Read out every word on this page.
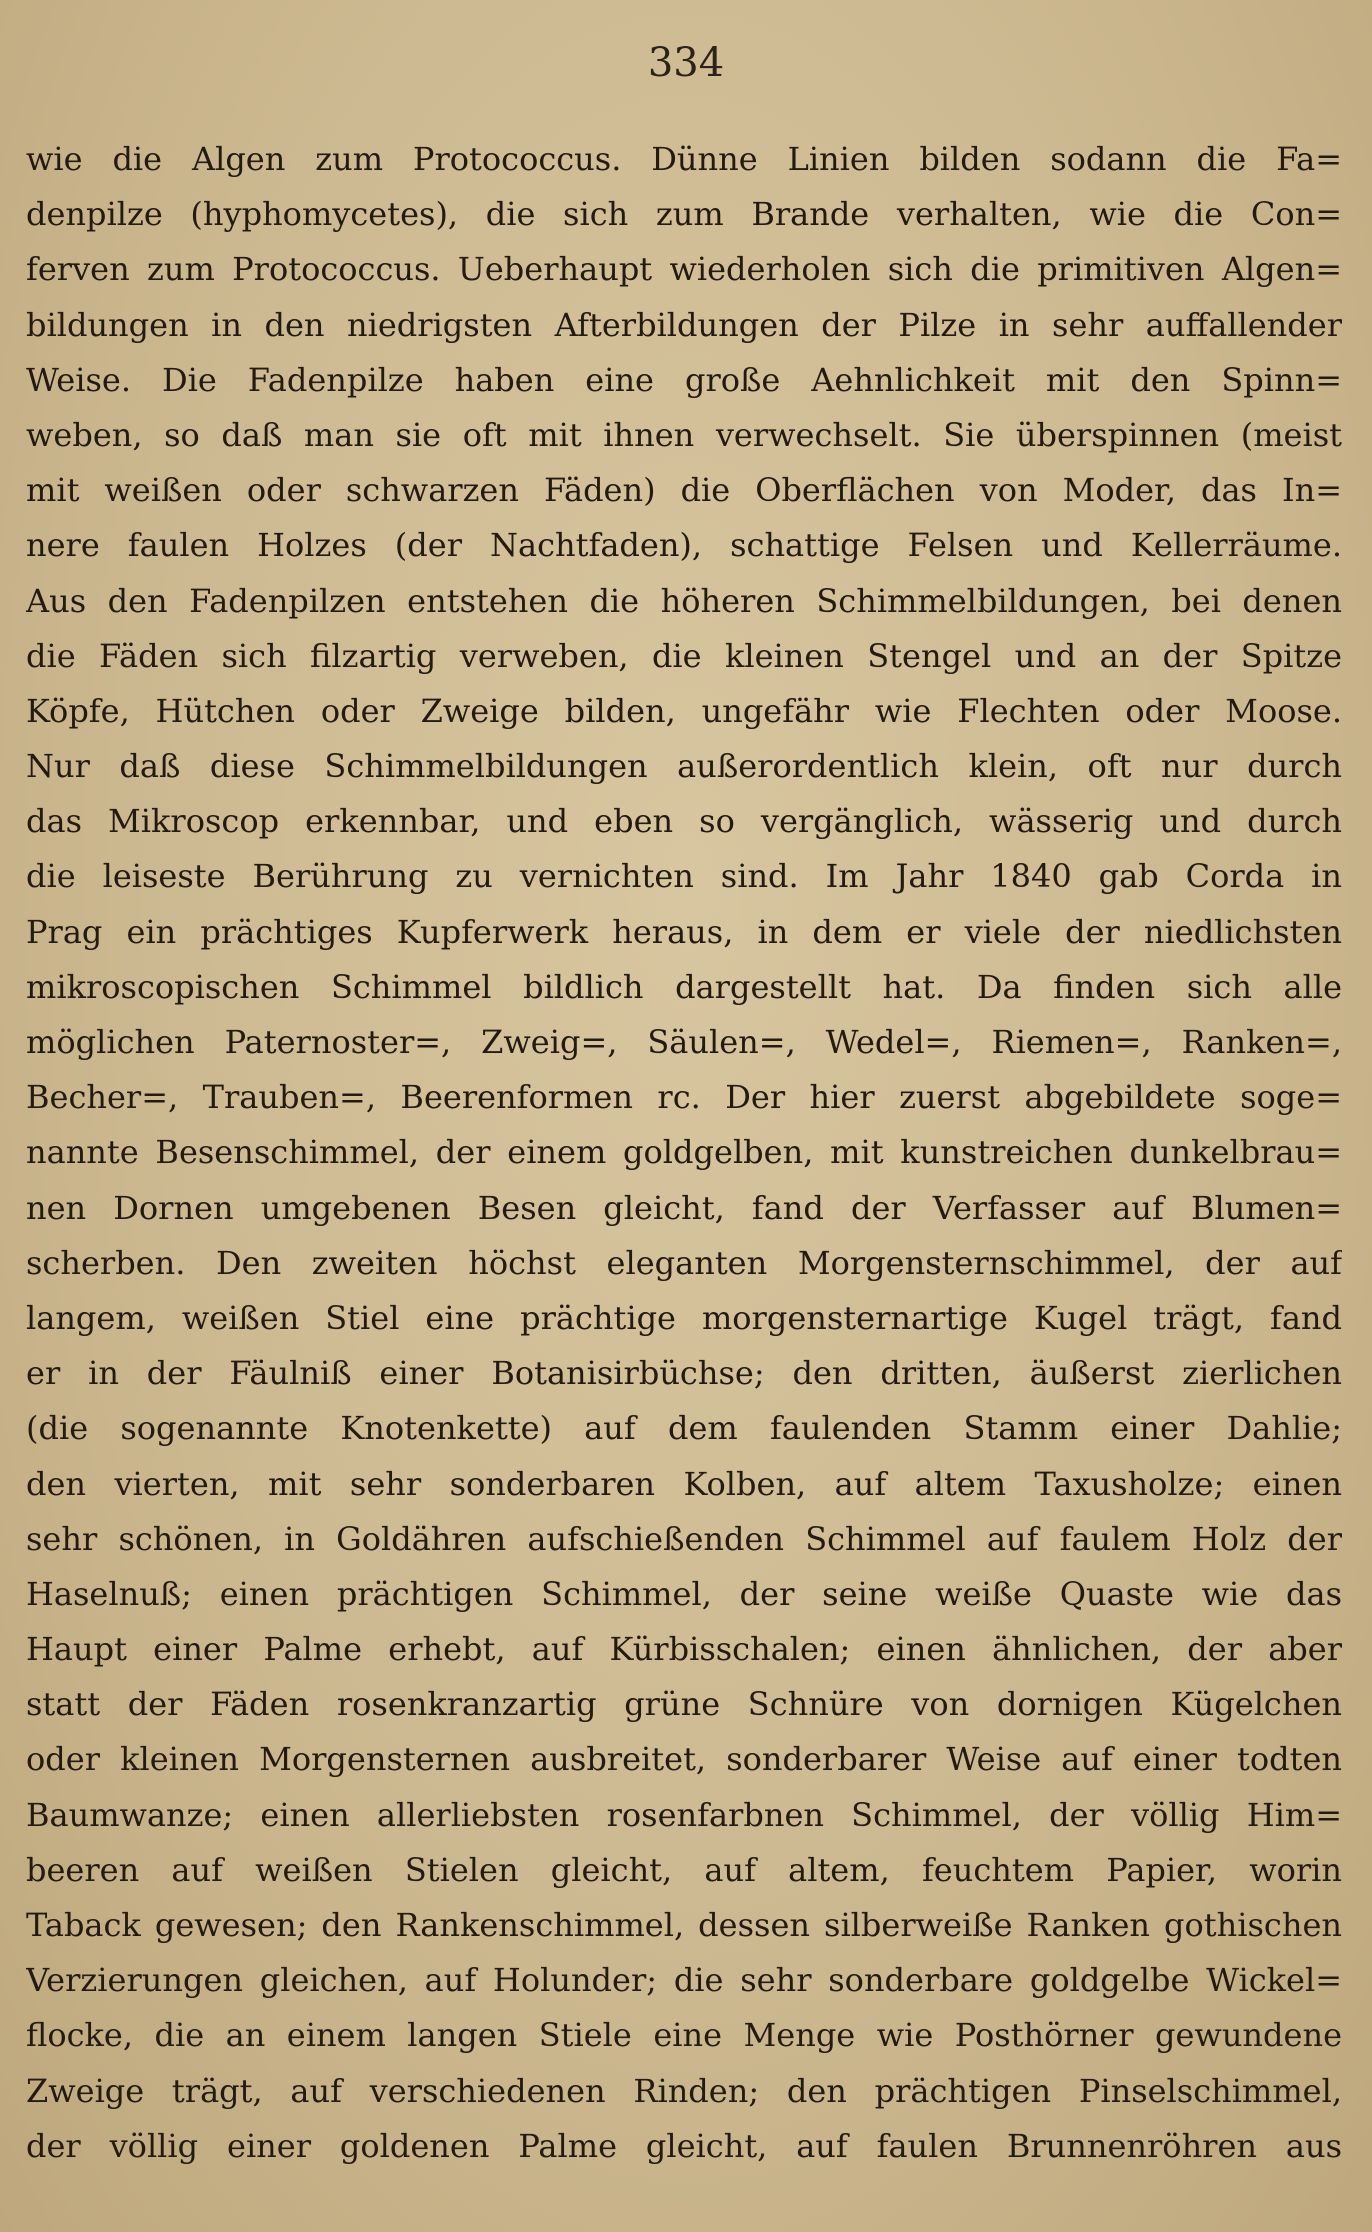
334
wie die Algen zum Protococcus. Dünne Linien bilden sodann die Fa=
denpilze (hyphomycetes), die sich zum Brande verhalten, wie die Con=
ferven zum Protococcus. Ueberhaupt wiederholen sich die primitiven Algen=
bildungen in den niedrigsten Afterbildungen der Pilze in sehr auffallender
Weise. Die Fadenpilze haben eine große Aehnlichkeit mit den Spinn=
weben, so daß man sie oft mit ihnen verwechselt. Sie überspinnen (meist
mit weißen oder schwarzen Fäden) die Oberflächen von Moder, das In=
nere faulen Holzes (der Nachtfaden), schattige Felsen und Kellerräume.
Aus den Fadenpilzen entstehen die höheren Schimmelbildungen, bei denen
die Fäden sich filzartig verweben, die kleinen Stengel und an der Spitze
Köpfe, Hütchen oder Zweige bilden, ungefähr wie Flechten oder Moose.
Nur daß diese Schimmelbildungen außerordentlich klein, oft nur durch
das Mikroscop erkennbar, und eben so vergänglich, wässerig und durch
die leiseste Berührung zu vernichten sind. Im Jahr 1840 gab Corda in
Prag ein prächtiges Kupferwerk heraus, in dem er viele der niedlichsten
mikroscopischen Schimmel bildlich dargestellt hat. Da finden sich alle
möglichen Paternoster=, Zweig=, Säulen=, Wedel=, Riemen=, Ranken=,
Becher=, Trauben=, Beerenformen rc. Der hier zuerst abgebildete soge=
nannte Besenschimmel, der einem goldgelben, mit kunstreichen dunkelbrau=
nen Dornen umgebenen Besen gleicht, fand der Verfasser auf Blumen=
scherben. Den zweiten höchst eleganten Morgensternschimmel, der auf
langem, weißen Stiel eine prächtige morgensternartige Kugel trägt, fand
er in der Fäulniß einer Botanisirbüchse; den dritten, äußerst zierlichen
(die sogenannte Knotenkette) auf dem faulenden Stamm einer Dahlie;
den vierten, mit sehr sonderbaren Kolben, auf altem Taxusholze; einen
sehr schönen, in Goldähren aufschießenden Schimmel auf faulem Holz der
Haselnuß; einen prächtigen Schimmel, der seine weiße Quaste wie das
Haupt einer Palme erhebt, auf Kürbisschalen; einen ähnlichen, der aber
statt der Fäden rosenkranzartig grüne Schnüre von dornigen Kügelchen
oder kleinen Morgensternen ausbreitet, sonderbarer Weise auf einer todten
Baumwanze; einen allerliebsten rosenfarbnen Schimmel, der völlig Him=
beeren auf weißen Stielen gleicht, auf altem, feuchtem Papier, worin
Taback gewesen; den Rankenschimmel, dessen silberweiße Ranken gothischen
Verzierungen gleichen, auf Holunder; die sehr sonderbare goldgelbe Wickel=
flocke, die an einem langen Stiele eine Menge wie Posthörner gewundene
Zweige trägt, auf verschiedenen Rinden; den prächtigen Pinselschimmel,
der völlig einer goldenen Palme gleicht, auf faulen Brunnenröhren aus
